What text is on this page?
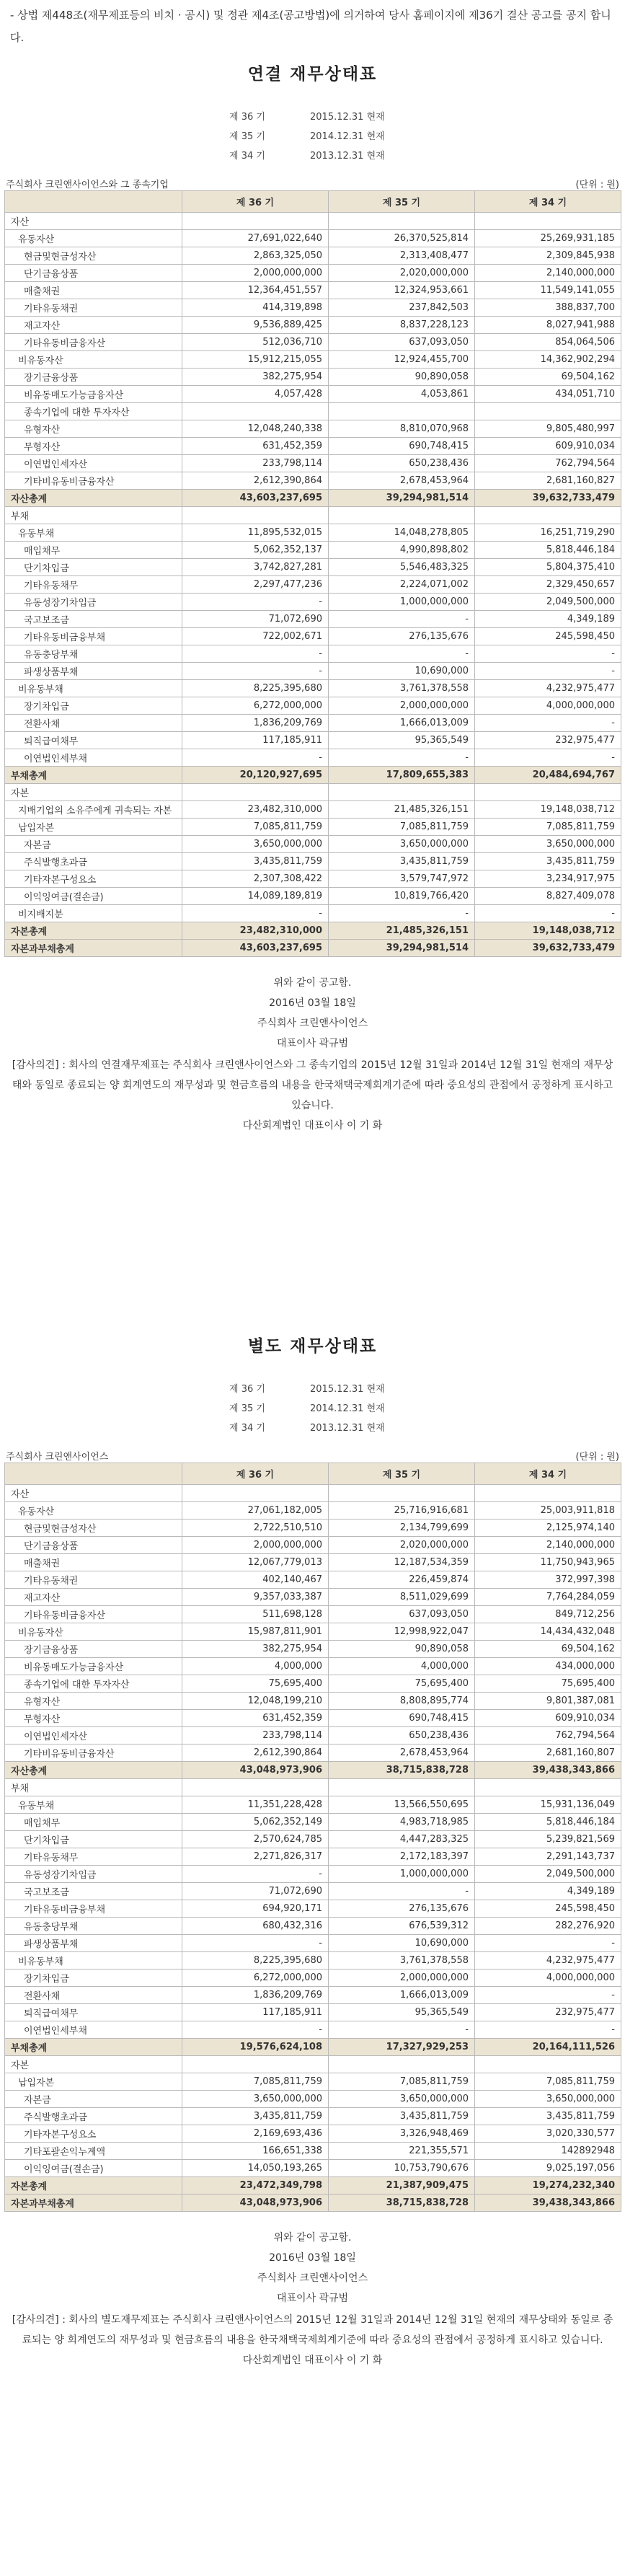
- 상법 제448조(재무제표등의 비치 · 공시) 및 정관 제4조(공고방법)에 의거하여 당사 홈페이지에 제36기 결산 공고를 공지 합니다.
연결 재무상태표
제 36 기	2015.12.31 현재
제 35 기	2014.12.31 현재
제 34 기	2013.12.31 현재
주식회사 크린앤사이언스와 그 종속기업	(단위 : 원)
	제 36 기	제 35 기	제 34 기
자산			
유동자산	27,691,022,640	26,370,525,814	25,269,931,185
현금및현금성자산	2,863,325,050	2,313,408,477	2,309,845,938
단기금융상품	2,000,000,000	2,020,000,000	2,140,000,000
매출채권	12,364,451,557	12,324,953,661	11,549,141,055
기타유동채권	414,319,898	237,842,503	388,837,700
재고자산	9,536,889,425	8,837,228,123	8,027,941,988
기타유동비금융자산	512,036,710	637,093,050	854,064,506
비유동자산	15,912,215,055	12,924,455,700	14,362,902,294
장기금융상품	382,275,954	90,890,058	69,504,162
비유동매도가능금융자산	4,057,428	4,053,861	434,051,710
종속기업에 대한 투자자산			
유형자산	12,048,240,338	8,810,070,968	9,805,480,997
무형자산	631,452,359	690,748,415	609,910,034
이연법인세자산	233,798,114	650,238,436	762,794,564
기타비유동비금융자산	2,612,390,864	2,678,453,964	2,681,160,827
자산총계	43,603,237,695	39,294,981,514	39,632,733,479
부채			
유동부채	11,895,532,015	14,048,278,805	16,251,719,290
매입채무	5,062,352,137	4,990,898,802	5,818,446,184
단기차입금	3,742,827,281	5,546,483,325	5,804,375,410
기타유동채무	2,297,477,236	2,224,071,002	2,329,450,657
유동성장기차입금	-	1,000,000,000	2,049,500,000
국고보조금	71,072,690	-	4,349,189
기타유동비금융부채	722,002,671	276,135,676	245,598,450
유동충당부채	-	-	-
파생상품부채	-	10,690,000	-
비유동부채	8,225,395,680	3,761,378,558	4,232,975,477
장기차입금	6,272,000,000	2,000,000,000	4,000,000,000
전환사채	1,836,209,769	1,666,013,009	-
퇴직급여채무	117,185,911	95,365,549	232,975,477
이연법인세부채	-	-	-
부채총계	20,120,927,695	17,809,655,383	20,484,694,767
자본			
지배기업의 소유주에게 귀속되는 자본	23,482,310,000	21,485,326,151	19,148,038,712
납입자본	7,085,811,759	7,085,811,759	7,085,811,759
자본금	3,650,000,000	3,650,000,000	3,650,000,000
주식발행초과금	3,435,811,759	3,435,811,759	3,435,811,759
기타자본구성요소	2,307,308,422	3,579,747,972	3,234,917,975
이익잉여금(결손금)	14,089,189,819	10,819,766,420	8,827,409,078
비지배지분	-	-	-
자본총계	23,482,310,000	21,485,326,151	19,148,038,712
자본과부채총계	43,603,237,695	39,294,981,514	39,632,733,479
위와 같이 공고함.
2016년 03월 18일
주식회사 크린앤사이언스
대표이사 곽규범
[감사의견] : 회사의 연결재무제표는 주식회사 크린앤사이언스와 그 종속기업의 2015년 12월 31일과 2014년 12월 31일 현재의 재무상태와 동일로 종료되는 양 회계연도의 재무성과 및 현금흐름의 내용을 한국채택국제회계기준에 따라 중요성의 관점에서 공정하게 표시하고 있습니다.
다산회계법인 대표이사 이 기 화
별도 재무상태표
제 36 기	2015.12.31 현재
제 35 기	2014.12.31 현재
제 34 기	2013.12.31 현재
주식회사 크린앤사이언스	(단위 : 원)
	제 36 기	제 35 기	제 34 기
자산			
유동자산	27,061,182,005	25,716,916,681	25,003,911,818
현금및현금성자산	2,722,510,510	2,134,799,699	2,125,974,140
단기금융상품	2,000,000,000	2,020,000,000	2,140,000,000
매출채권	12,067,779,013	12,187,534,359	11,750,943,965
기타유동채권	402,140,467	226,459,874	372,997,398
재고자산	9,357,033,387	8,511,029,699	7,764,284,059
기타유동비금융자산	511,698,128	637,093,050	849,712,256
비유동자산	15,987,811,901	12,998,922,047	14,434,432,048
장기금융상품	382,275,954	90,890,058	69,504,162
비유동매도가능금융자산	4,000,000	4,000,000	434,000,000
종속기업에 대한 투자자산	75,695,400	75,695,400	75,695,400
유형자산	12,048,199,210	8,808,895,774	9,801,387,081
무형자산	631,452,359	690,748,415	609,910,034
이연법인세자산	233,798,114	650,238,436	762,794,564
기타비유동비금융자산	2,612,390,864	2,678,453,964	2,681,160,807
자산총계	43,048,973,906	38,715,838,728	39,438,343,866
부채			
유동부채	11,351,228,428	13,566,550,695	15,931,136,049
매입채무	5,062,352,149	4,983,718,985	5,818,446,184
단기차입금	2,570,624,785	4,447,283,325	5,239,821,569
기타유동채무	2,271,826,317	2,172,183,397	2,291,143,737
유동성장기차입금	-	1,000,000,000	2,049,500,000
국고보조금	71,072,690	-	4,349,189
기타유동비금융부채	694,920,171	276,135,676	245,598,450
유동충당부채	680,432,316	676,539,312	282,276,920
파생상품부채	-	10,690,000	-
비유동부채	8,225,395,680	3,761,378,558	4,232,975,477
장기차입금	6,272,000,000	2,000,000,000	4,000,000,000
전환사채	1,836,209,769	1,666,013,009	-
퇴직급여채무	117,185,911	95,365,549	232,975,477
이연법인세부채	-	-	-
부채총계	19,576,624,108	17,327,929,253	20,164,111,526
자본			
납입자본	7,085,811,759	7,085,811,759	7,085,811,759
자본금	3,650,000,000	3,650,000,000	3,650,000,000
주식발행초과금	3,435,811,759	3,435,811,759	3,435,811,759
기타자본구성요소	2,169,693,436	3,326,948,469	3,020,330,577
기타포괄손익누계액	166,651,338	221,355,571	142892948
이익잉여금(결손금)	14,050,193,265	10,753,790,676	9,025,197,056
자본총계	23,472,349,798	21,387,909,475	19,274,232,340
자본과부채총계	43,048,973,906	38,715,838,728	39,438,343,866
위와 같이 공고함.
2016년 03월 18일
주식회사 크린앤사이언스
대표이사 곽규범
[감사의견] : 회사의 별도재무제표는 주식회사 크린앤사이언스의 2015년 12월 31일과 2014년 12월 31일 현재의 재무상태와 동일로 종료되는 양 회계연도의 재무성과 및 현금흐름의 내용을 한국채택국제회계기준에 따라 중요성의 관점에서 공정하게 표시하고 있습니다.
다산회계법인 대표이사 이 기 화
